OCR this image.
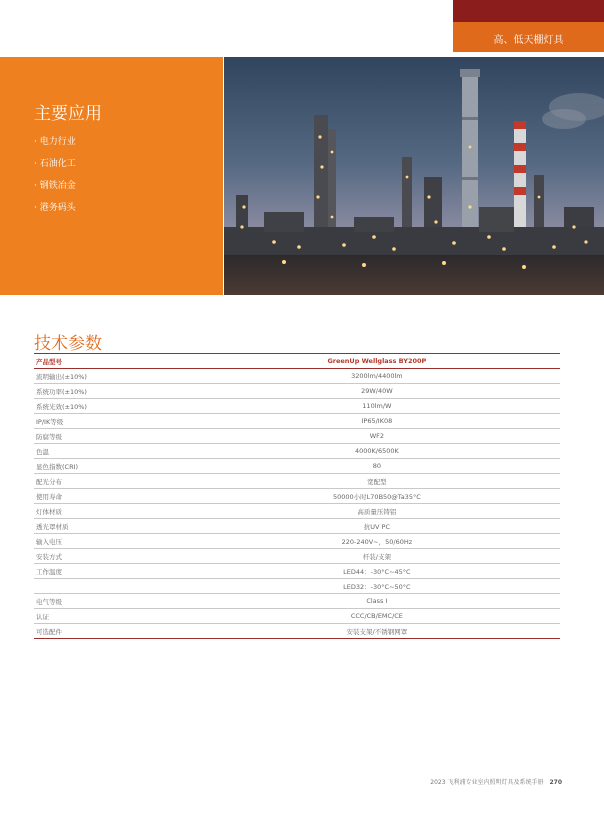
高、低天棚灯具
主要应用
· 电力行业
· 石油化工
· 钢铁冶金
· 港务码头
技术参数
产品型号	GreenUp Wellglass BY200P
流明输出(±10%)	3200lm/4400lm
系统功率(±10%)	29W/40W
系统光效(±10%)	110lm/W
IP/IK等级	IP65/IK08
防腐等级	WF2
色温	4000K/6500K
显色指数(CRI)	80
配光分布	宽配型
使用寿命	50000小时L70B50@Ta35°C
灯体材质	高质量压铸铝
透光罩材质	抗UV PC
输入电压	220-240V~，50/60Hz
安装方式	杆装/支架
工作温度	LED44：-30°C~45°C
	LED32：-30°C~50°C
电气等级	Class I
认证	CCC/CB/EMC/CE
可选配件	安装支架/不锈钢网罩
2023 飞利浦专业室内照明灯具及系统手册 270
